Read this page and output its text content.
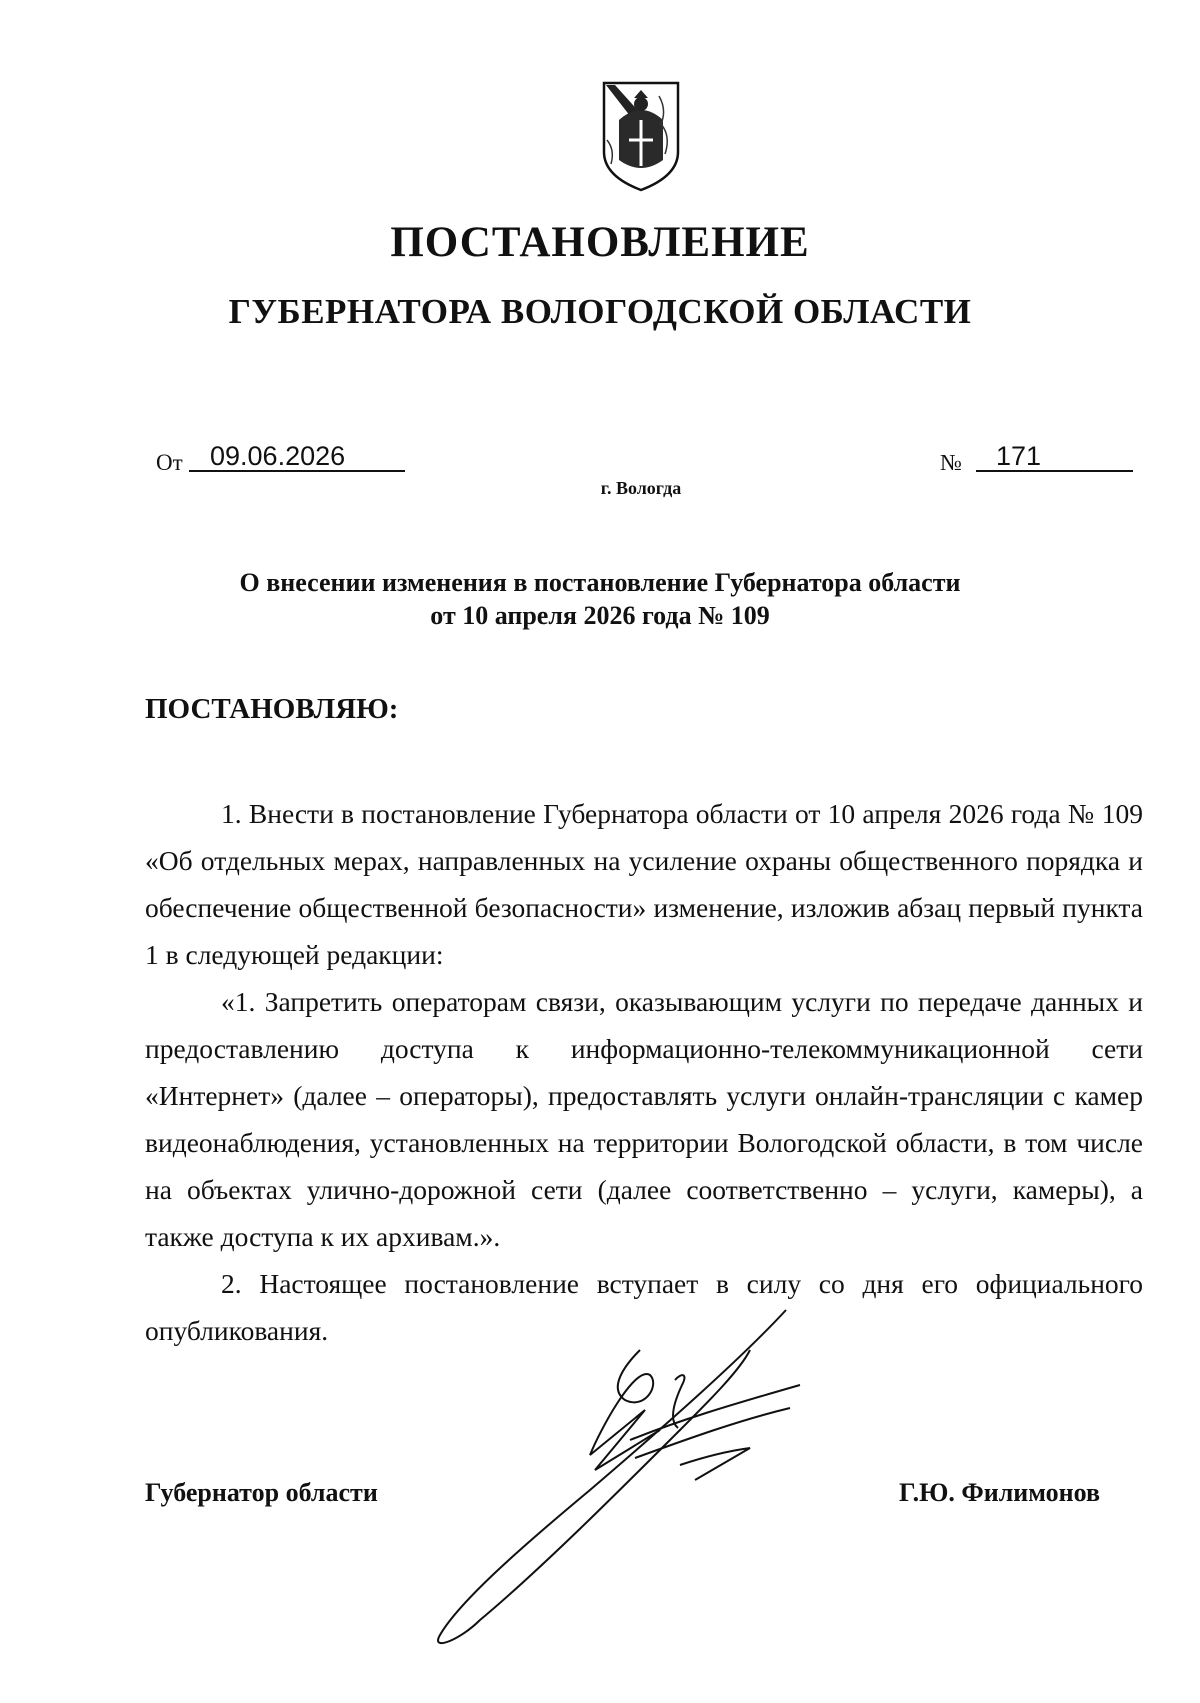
ПОСТАНОВЛЕНИЕ
ГУБЕРНАТОРА ВОЛОГОДСКОЙ ОБЛАСТИ
От 09.06.2026	№ 171
г. Вологда
О внесении изменения в постановление Губернатора области
от 10 апреля 2026 года № 109
ПОСТАНОВЛЯЮ:

1. Внести в постановление Губернатора области от 10 апреля 2026 года № 109 «Об отдельных мерах, направленных на усиление охраны общественного порядка и обеспечение общественной безопасности» изменение, изложив абзац первый пункта 1 в следующей редакции:

«1. Запретить операторам связи, оказывающим услуги по передаче данных и предоставлению доступа к информационно-телекоммуникационной сети «Интернет» (далее – операторы), предоставлять услуги онлайн-трансляции с камер видеонаблюдения, установленных на территории Вологодской области, в том числе на объектах улично-дорожной сети (далее соответственно – услуги, камеры), а также доступа к их архивам.».

2. Настоящее постановление вступает в силу со дня его официального опубликования.

Губернатор области	Г.Ю. Филимонов
